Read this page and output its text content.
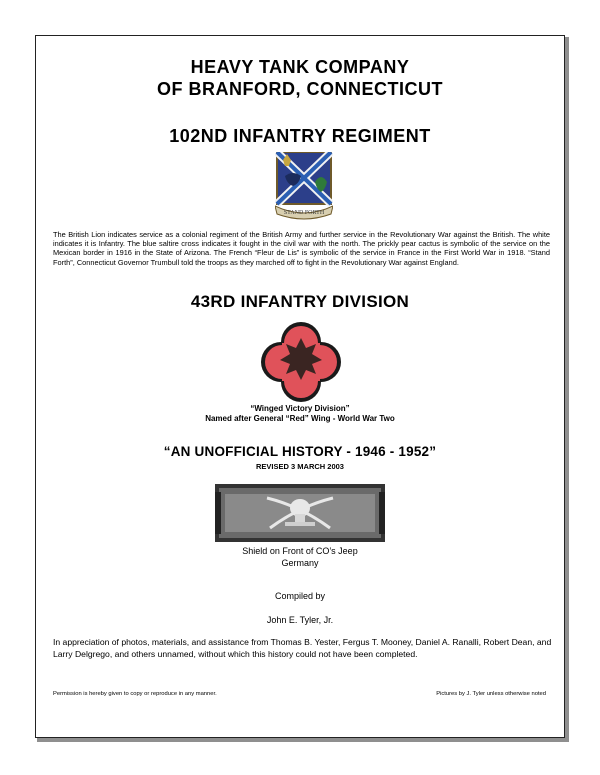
HEAVY TANK COMPANY
OF BRANFORD, CONNECTICUT
102ND INFANTRY REGIMENT
STAND FORTH
The British Lion indicates service as a colonial regiment of the British Army and further service in the Revolutionary War against the British. The white indicates it is Infantry. The blue saltire cross indicates it fought in the civil war with the north. The prickly pear cactus is symbolic of the service on the Mexican border in 1916 in the State of Arizona. The French “Fleur de Lis” is symbolic of the service in France in the First World War in 1918. “Stand Forth”, Connecticut Governor Trumbull told the troops as they marched off to fight in the Revolutionary War against England.
43RD INFANTRY DIVISION
“Winged Victory Division”
Named after General “Red” Wing - World War Two
“AN UNOFFICIAL HISTORY - 1946 - 1952”
REVISED 3 MARCH 2003
Shield on Front of CO’s Jeep
Germany
Compiled by
John E. Tyler, Jr.
In appreciation of photos, materials, and assistance from Thomas B. Yester, Fergus T. Mooney, Daniel A. Ranalli, Robert Dean, and Larry Delgrego, and others unnamed, without which this history could not have been completed.
Permission is hereby given to copy or reproduce in any manner.	Pictures by J. Tyler unless otherwise noted
